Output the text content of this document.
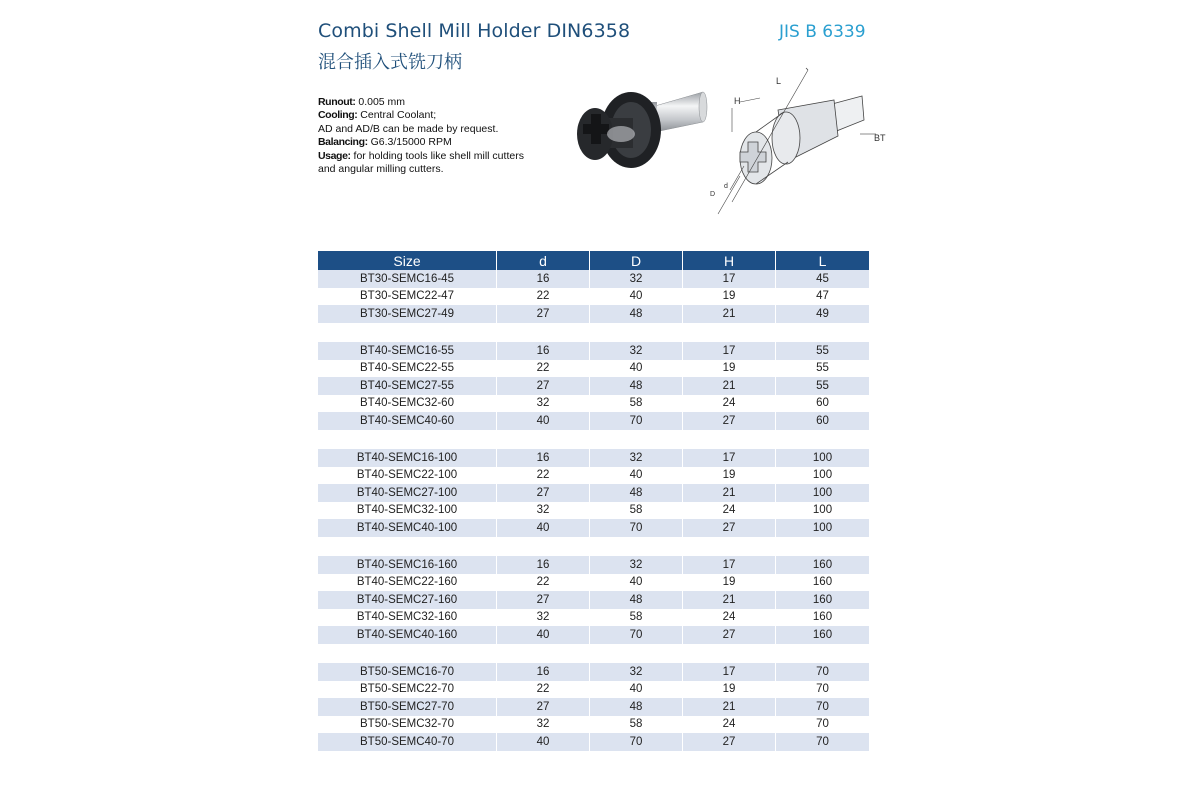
Combi Shell Mill Holder DIN6358
混合插入式铣刀柄
JIS B 6339
Runout: 0.005 mm
Cooling: Central Coolant;
AD and AD/B can be made by request.
Balancing: G6.3/15000 RPM
Usage: for holding tools like shell mill cutters and angular milling cutters.
L
H
BT
d
D
Size	d	D	H	L
BT30-SEMC16-45	16	32	17	45
BT30-SEMC22-47	22	40	19	47
BT30-SEMC27-49	27	48	21	49

BT40-SEMC16-55	16	32	17	55
BT40-SEMC22-55	22	40	19	55
BT40-SEMC27-55	27	48	21	55
BT40-SEMC32-60	32	58	24	60
BT40-SEMC40-60	40	70	27	60

BT40-SEMC16-100	16	32	17	100
BT40-SEMC22-100	22	40	19	100
BT40-SEMC27-100	27	48	21	100
BT40-SEMC32-100	32	58	24	100
BT40-SEMC40-100	40	70	27	100

BT40-SEMC16-160	16	32	17	160
BT40-SEMC22-160	22	40	19	160
BT40-SEMC27-160	27	48	21	160
BT40-SEMC32-160	32	58	24	160
BT40-SEMC40-160	40	70	27	160

BT50-SEMC16-70	16	32	17	70
BT50-SEMC22-70	22	40	19	70
BT50-SEMC27-70	27	48	21	70
BT50-SEMC32-70	32	58	24	70
BT50-SEMC40-70	40	70	27	70
